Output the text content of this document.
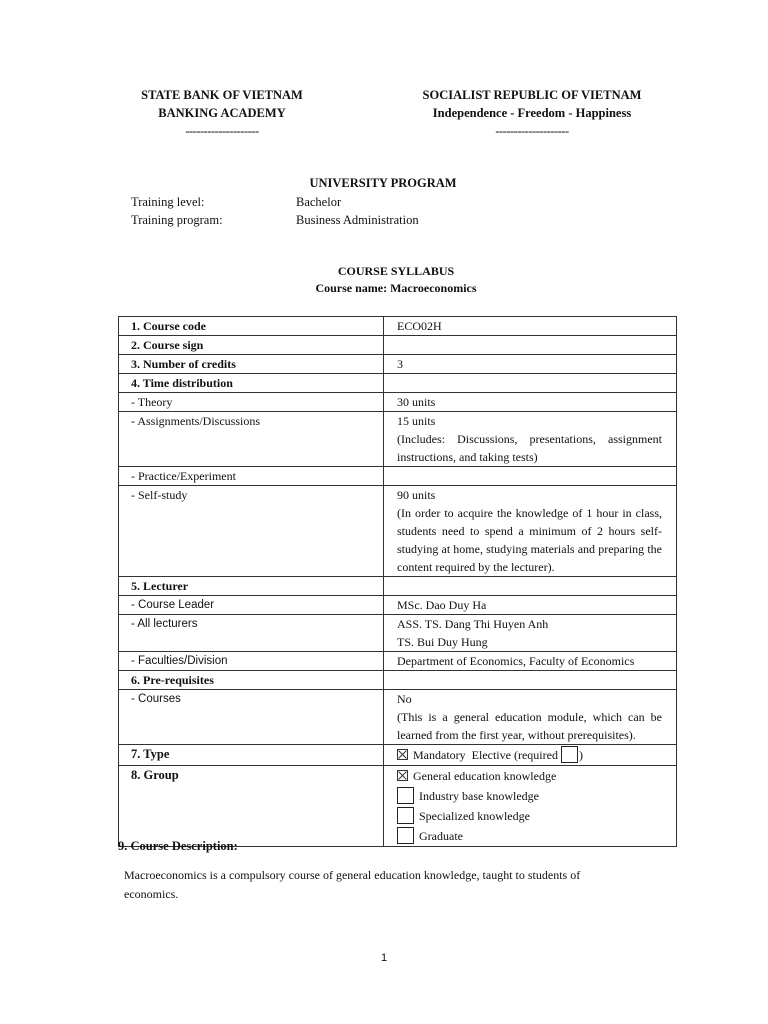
STATE BANK OF VIETNAM
BANKING ACADEMY
--------------------
SOCIALIST REPUBLIC OF VIETNAM
Independence - Freedom - Happiness
--------------------
UNIVERSITY PROGRAM
Training level:	Bachelor
Training program:	Business Administration
COURSE SYLLABUS
Course name: Macroeconomics
1. Course code	ECO02H
2. Course sign	
3. Number of credits	3
4. Time distribution	
- Theory	30 units
- Assignments/Discussions	15 units
(Includes: Discussions, presentations, assignment instructions, and taking tests)

- Practice/Experiment	
- Self-study	90 units
(In order to acquire the knowledge of 1 hour in class, students need to spend a minimum of 2 hours self-studying at home, studying materials and preparing the content required by the lecturer).

5. Lecturer	
- Course Leader	MSc. Dao Duy Ha
- All lecturers	ASS. TS. Dang Thi Huyen Anh
TS. Bui Duy Hung

- Faculties/Division	Department of Economics, Faculty of Economics
6. Pre-requisites	
- Courses	No
(This is a general education module, which can be learned from the first year, without prerequisites).

7. Type	Mandatory Elective (required )
8. Group	General education knowledge
Industry base knowledge
Specialized knowledge
Graduate
9. Course Description:
Macroeconomics is a compulsory course of general education knowledge, taught to students of economics.
1
